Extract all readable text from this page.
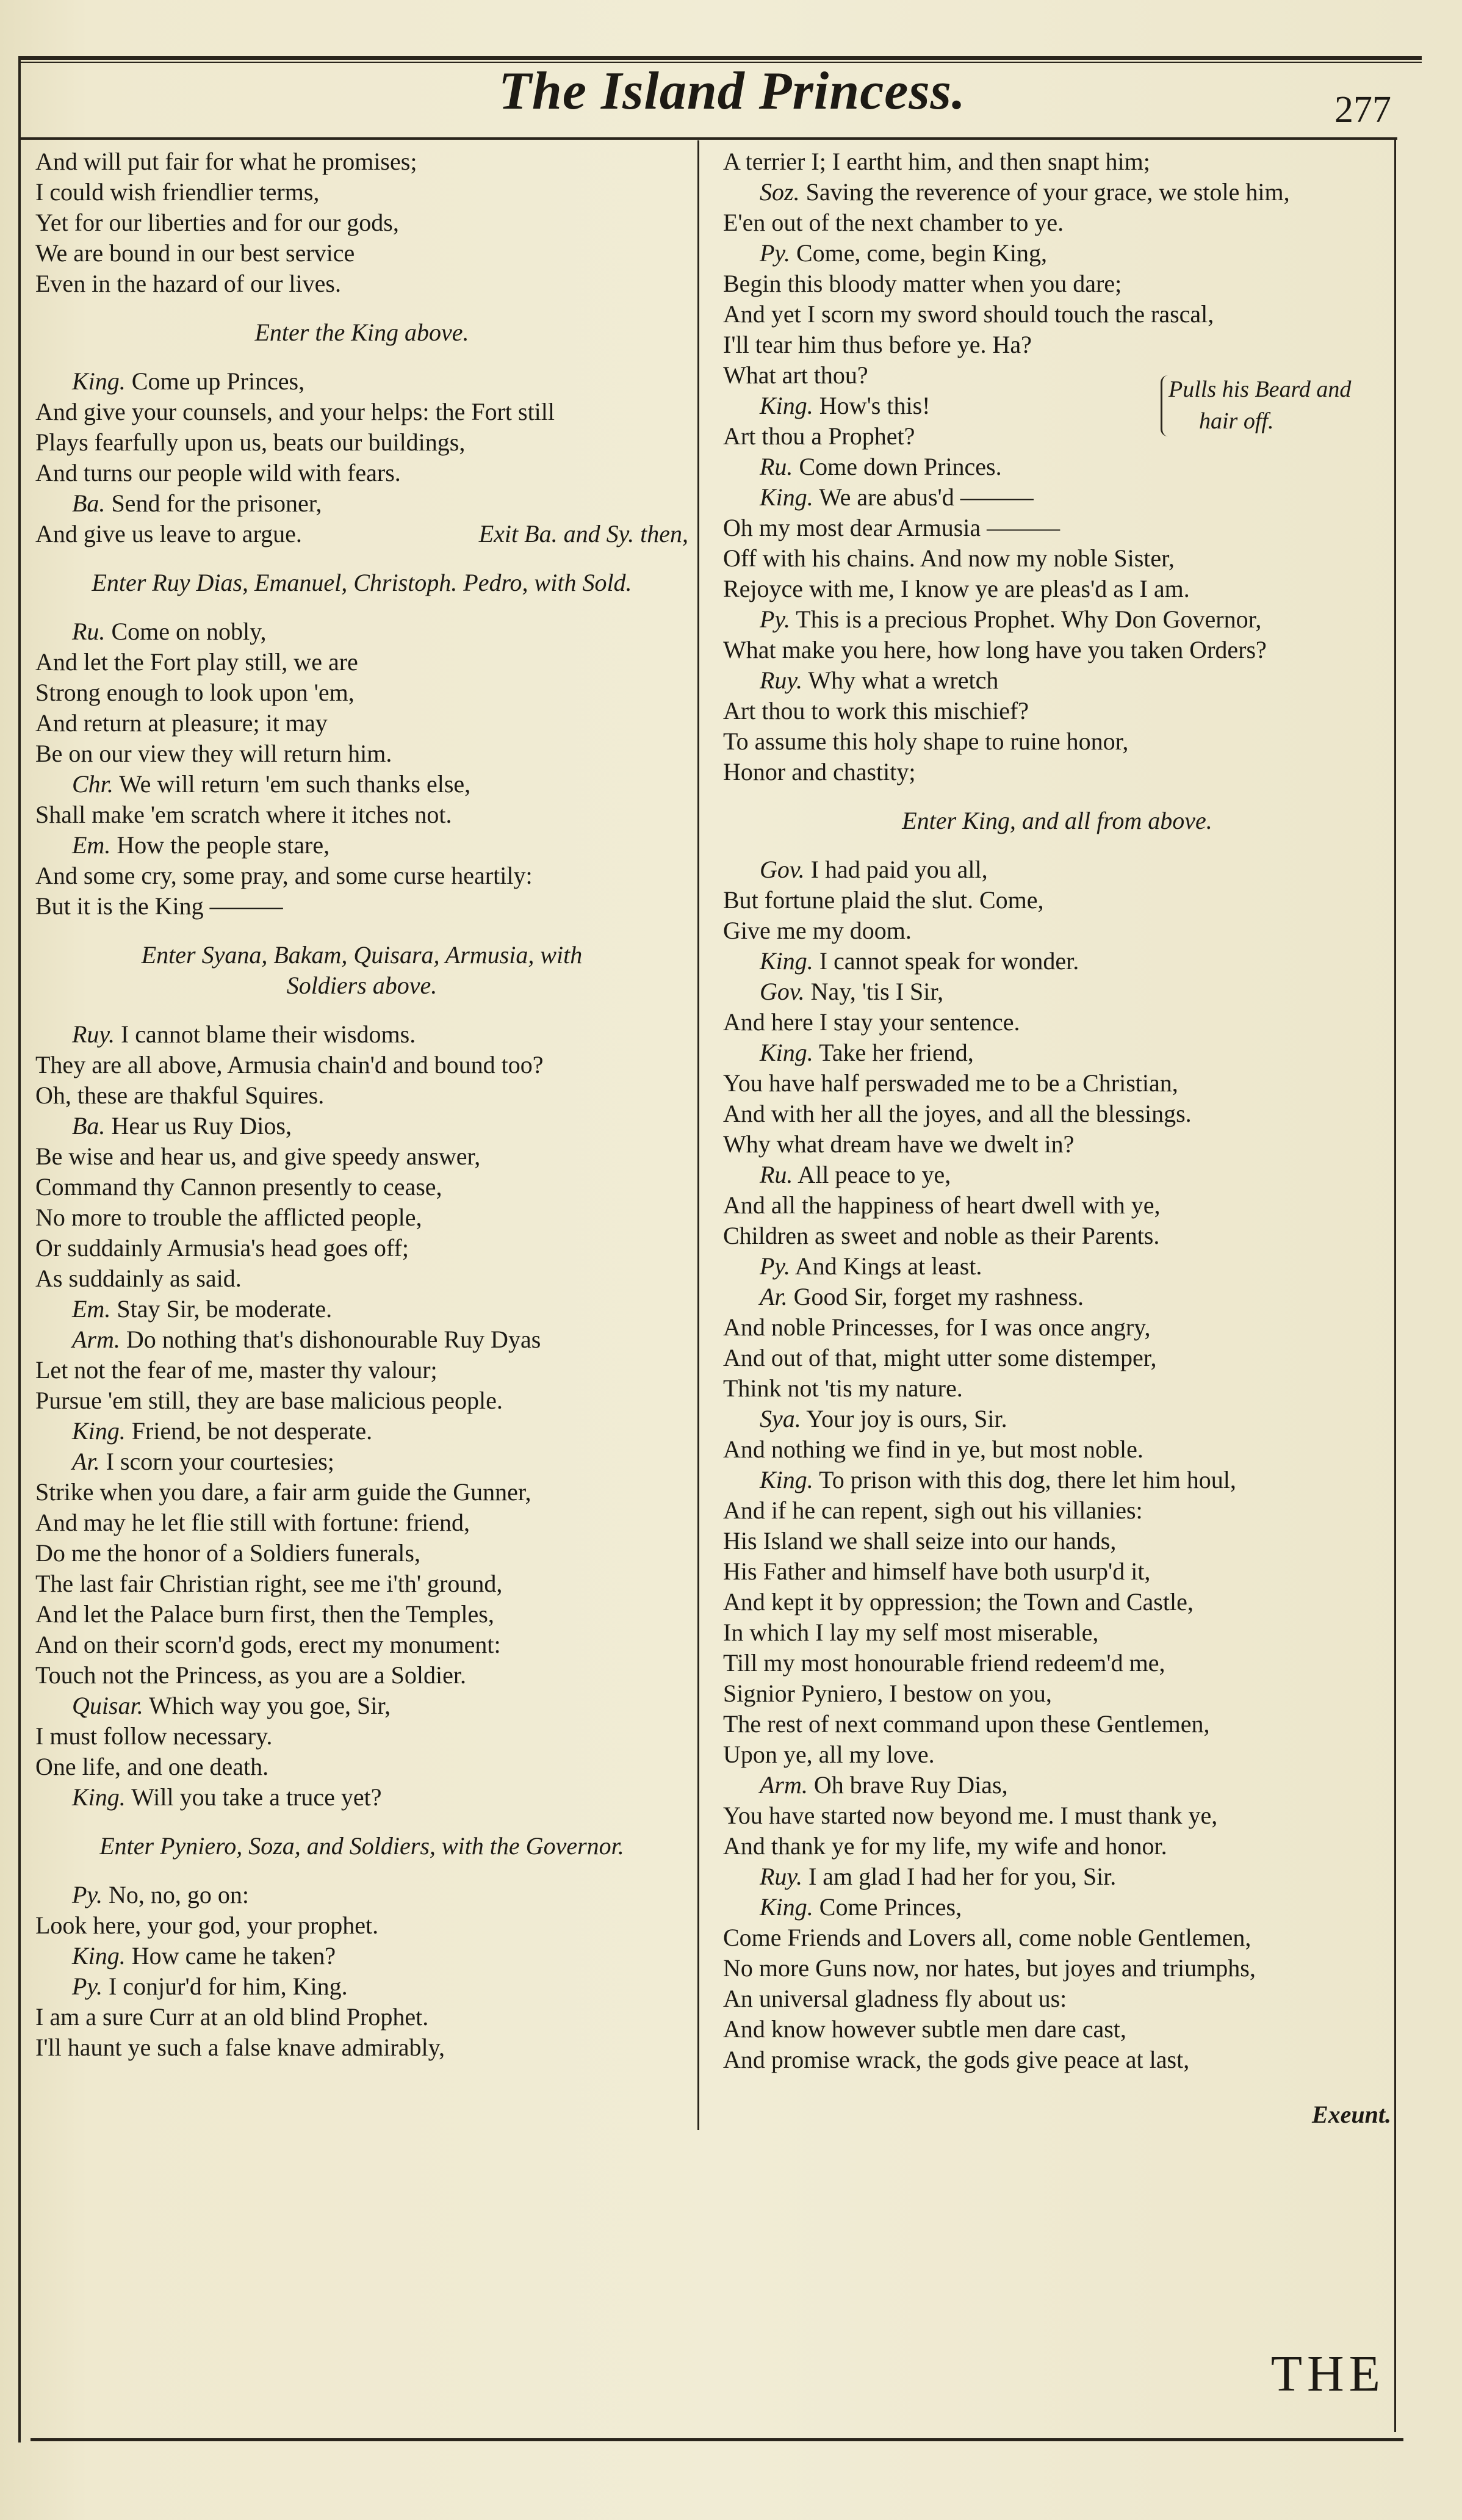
The Island Princess.	277
And will put fair for what he promises;
I could wish friendlier terms,
Yet for our liberties and for our gods,
We are bound in our best service
Even in the hazard of our lives.
Enter the King above.
King. Come up Princes,
And give your counsels, and your helps: the Fort still
Plays fearfully upon us, beats our buildings,
And turns our people wild with fears.
Ba. Send for the prisoner,
And give us leave to argue.	Exit Ba. and Sy. then,
Enter Ruy Dias, Emanuel, Christoph. Pedro, with Sold.
Ru. Come on nobly,
And let the Fort play still, we are
Strong enough to look upon 'em,
And return at pleasure; it may
Be on our view they will return him.
Chr. We will return 'em such thanks else,
Shall make 'em scratch where it itches not.
Em. How the people stare,
And some cry, some pray, and some curse heartily:
But it is the King ———
Enter Syana, Bakam, Quisara, Armusia, with
Soldiers above.
Ruy. I cannot blame their wisdoms.
They are all above, Armusia chain'd and bound too?
Oh, these are thakful Squires.
Ba. Hear us Ruy Dios,
Be wise and hear us, and give speedy answer,
Command thy Cannon presently to cease,
No more to trouble the afflicted people,
Or suddainly Armusia's head goes off;
As suddainly as said.
Em. Stay Sir, be moderate.
Arm. Do nothing that's dishonourable Ruy Dyas
Let not the fear of me, master thy valour;
Pursue 'em still, they are base malicious people.
King. Friend, be not desperate.
Ar. I scorn your courtesies;
Strike when you dare, a fair arm guide the Gunner,
And may he let flie still with fortune: friend,
Do me the honor of a Soldiers funerals,
The last fair Christian right, see me i'th' ground,
And let the Palace burn first, then the Temples,
And on their scorn'd gods, erect my monument:
Touch not the Princess, as you are a Soldier.
Quisar. Which way you goe, Sir,
I must follow necessary.
One life, and one death.
King. Will you take a truce yet?
Enter Pyniero, Soza, and Soldiers, with the Governor.
Py. No, no, go on:
Look here, your god, your prophet.
King. How came he taken?
Py. I conjur'd for him, King.
I am a sure Curr at an old blind Prophet.
I'll haunt ye such a false knave admirably,
A terrier I; I eartht him, and then snapt him;
Soz. Saving the reverence of your grace, we stole him,
E'en out of the next chamber to ye.
Py. Come, come, begin King,
Begin this bloody matter when you dare;
And yet I scorn my sword should touch the rascal,
I'll tear him thus before ye. Ha?
What art thou?
King. How's this!
Art thou a Prophet?
Ru. Come down Princes.
King. We are abus'd ———
Oh my most dear Armusia ———
Off with his chains. And now my noble Sister,
Rejoyce with me, I know ye are pleas'd as I am.
Py. This is a precious Prophet. Why Don Governor,
What make you here, how long have you taken Orders?
Ruy. Why what a wretch
Art thou to work this mischief?
To assume this holy shape to ruine honor,
Honor and chastity;
Enter King, and all from above.
Gov. I had paid you all,
But fortune plaid the slut. Come,
Give me my doom.
King. I cannot speak for wonder.
Gov. Nay, 'tis I Sir,
And here I stay your sentence.
King. Take her friend,
You have half perswaded me to be a Christian,
And with her all the joyes, and all the blessings.
Why what dream have we dwelt in?
Ru. All peace to ye,
And all the happiness of heart dwell with ye,
Children as sweet and noble as their Parents.
Py. And Kings at least.
Ar. Good Sir, forget my rashness.
And noble Princesses, for I was once angry,
And out of that, might utter some distemper,
Think not 'tis my nature.
Sya. Your joy is ours, Sir.
And nothing we find in ye, but most noble.
King. To prison with this dog, there let him houl,
And if he can repent, sigh out his villanies:
His Island we shall seize into our hands,
His Father and himself have both usurp'd it,
And kept it by oppression; the Town and Castle,
In which I lay my self most miserable,
Till my most honourable friend redeem'd me,
Signior Pyniero, I bestow on you,
The rest of next command upon these Gentlemen,
Upon ye, all my love.
Arm. Oh brave Ruy Dias,
You have started now beyond me. I must thank ye,
And thank ye for my life, my wife and honor.
Ruy. I am glad I had her for you, Sir.
King. Come Princes,
Come Friends and Lovers all, come noble Gentlemen,
No more Guns now, nor hates, but joyes and triumphs,
An universal gladness fly about us:
And know however subtle men dare cast,
And promise wrack, the gods give peace at last,
Pulls his Beard and
hair off.
Exeunt.
THE
